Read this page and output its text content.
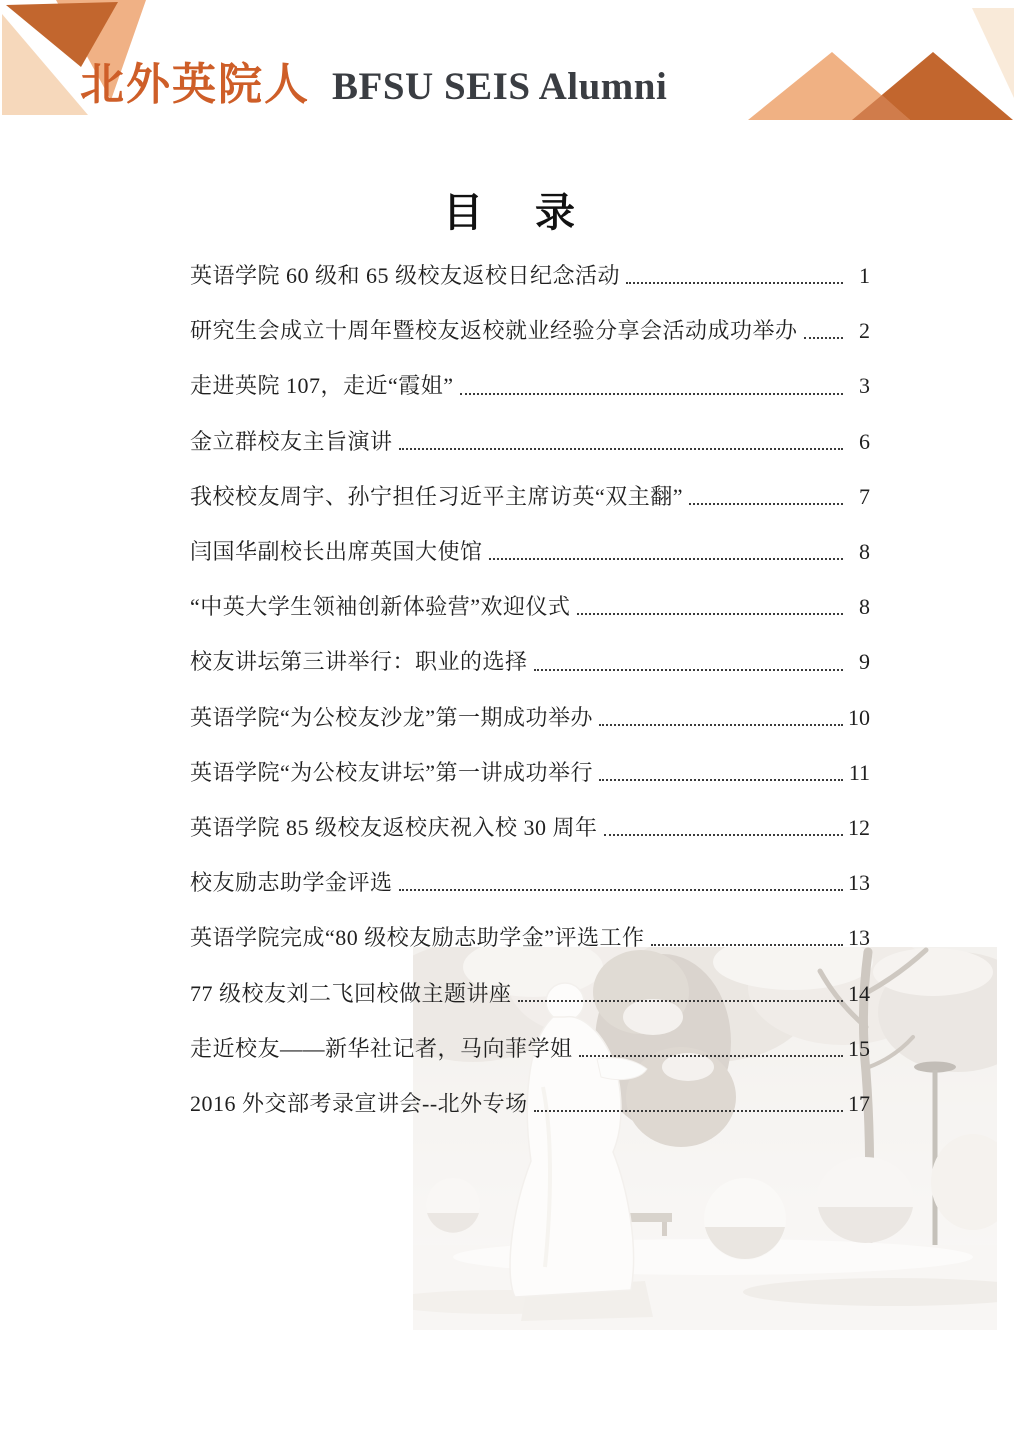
北外英院人 BFSU SEIS Alumni
目　录
英语学院 60 级和 65 级校友返校日纪念活动	1
研究生会成立十周年暨校友返校就业经验分享会活动成功举办	2
走进英院 107，走近“霞姐”	3
金立群校友主旨演讲	6
我校校友周宇、孙宁担任习近平主席访英“双主翻”	7
闫国华副校长出席英国大使馆	8
“中英大学生领袖创新体验营”欢迎仪式	8
校友讲坛第三讲举行：职业的选择	9
英语学院“为公校友沙龙”第一期成功举办	10
英语学院“为公校友讲坛”第一讲成功举行	11
英语学院 85 级校友返校庆祝入校 30 周年	12
校友励志助学金评选	13
英语学院完成“80 级校友励志助学金”评选工作	13
77 级校友刘二飞回校做主题讲座	14
走近校友——新华社记者，马向菲学姐	15
2016 外交部考录宣讲会--北外专场	17
